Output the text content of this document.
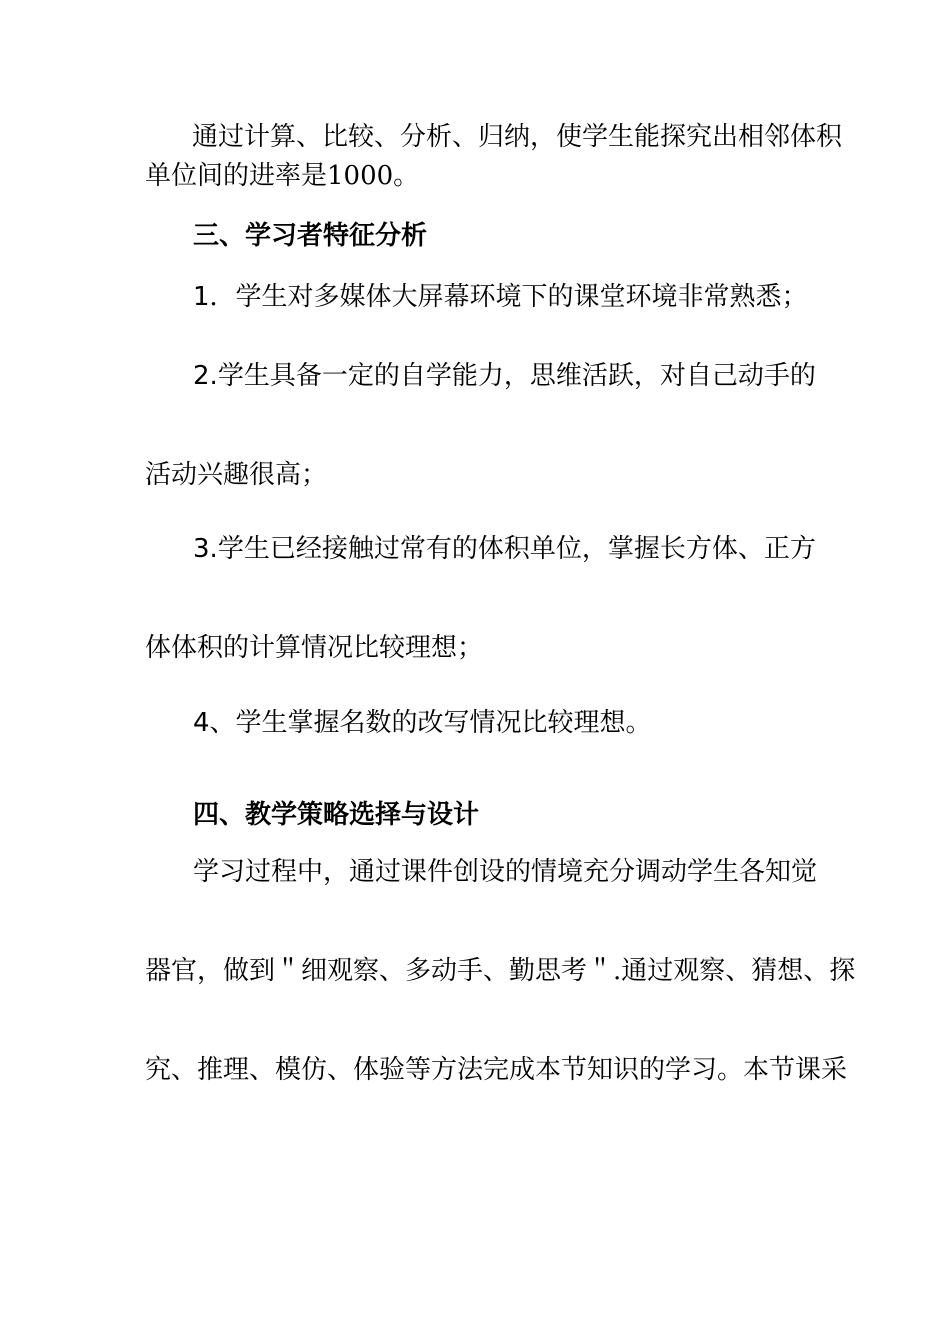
通过计算、比较、分析、归纳，使学生能探究出相邻体积
单位间的进率是1000。
三、学习者特征分析
1．学生对多媒体大屏幕环境下的课堂环境非常熟悉；
2.学生具备一定的自学能力，思维活跃，对自己动手的
活动兴趣很高；
3.学生已经接触过常有的体积单位，掌握长方体、正方
体体积的计算情况比较理想；
4、学生掌握名数的改写情况比较理想。
四、教学策略选择与设计
学习过程中，通过课件创设的情境充分调动学生各知觉
器官，做到＂细观察、多动手、勤思考＂.通过观察、猜想、探
究、推理、模仿、体验等方法完成本节知识的学习。本节课采
